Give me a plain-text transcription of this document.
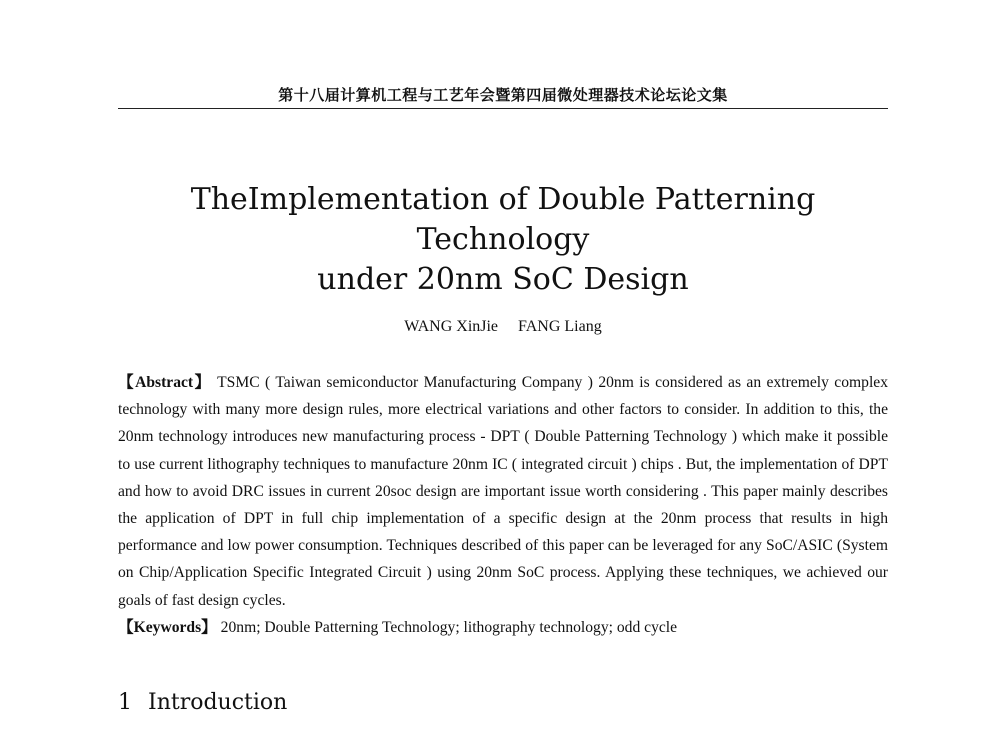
第十八届计算机工程与工艺年会暨第四届微处理器技术论坛论文集
TheImplementation of Double Patterning Technology
under 20nm SoC Design
WANG XinJie FANG Liang

【Abstract】 TSMC ( Taiwan semiconductor Manufacturing Company ) 20nm is considered as an extremely complex technology with many more design rules, more electrical variations and other factors to consider. In addition to this, the 20nm technology introduces new manufacturing process - DPT ( Double Patterning Technology ) which make it possible to use current lithography techniques to manufacture 20nm IC ( integrated circuit ) chips . But, the implementation of DPT and how to avoid DRC issues in current 20soc design are important issue worth considering . This paper mainly describes the application of DPT in full chip implementation of a specific design at the 20nm process that results in high performance and low power consumption. Techniques described of this paper can be leveraged for any SoC/ASIC (System on Chip/Application Specific Integrated Circuit ) using 20nm SoC process. Applying these techniques, we achieved our goals of fast design cycles.

【Keywords】 20nm; Double Patterning Technology; lithography technology; odd cycle

1 Introduction
